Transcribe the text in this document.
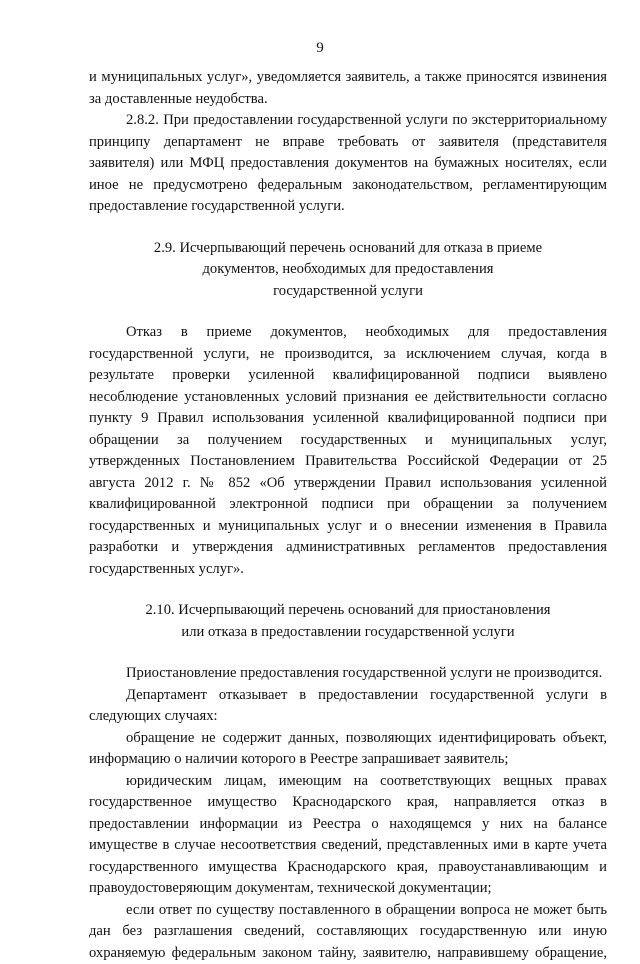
9

и муниципальных услуг», уведомляется заявитель, а также приносятся извинения за доставленные неудобства.

2.8.2. При предоставлении государственной услуги по экстерриториальному принципу департамент не вправе требовать от заявителя (представителя заявителя) или МФЦ предоставления документов на бумажных носителях, если иное не предусмотрено федеральным законодательством, регламентирующим предоставление государственной услуги.

2.9. Исчерпывающий перечень оснований для отказа в приеме
документов, необходимых для предоставления
государственной услуги

Отказ в приеме документов, необходимых для предоставления государственной услуги, не производится, за исключением случая, когда в результате проверки усиленной квалифицированной подписи выявлено несоблюдение установленных условий признания ее действительности согласно пункту 9 Правил использования усиленной квалифицированной подписи при обращении за получением государственных и муниципальных услуг, утвержденных Постановлением Правительства Российской Федерации от 25 августа 2012 г. № 852 «Об утверждении Правил использования усиленной квалифицированной электронной подписи при обращении за получением государственных и муниципальных услуг и о внесении изменения в Правила разработки и утверждения административных регламентов предоставления государственных услуг».

2.10. Исчерпывающий перечень оснований для приостановления
или отказа в предоставлении государственной услуги

Приостановление предоставления государственной услуги не производится.

Департамент отказывает в предоставлении государственной услуги в следующих случаях:

обращение не содержит данных, позволяющих идентифицировать объект, информацию о наличии которого в Реестре запрашивает заявитель;

юридическим лицам, имеющим на соответствующих вещных правах государственное имущество Краснодарского края, направляется отказ в предоставлении информации из Реестра о находящемся у них на балансе имуществе в случае несоответствия сведений, представленных ими в карте учета государственного имущества Краснодарского края, правоустанавливающим и правоудостоверяющим документам, технической документации;

если ответ по существу поставленного в обращении вопроса не может быть дан без разглашения сведений, составляющих государственную или иную охраняемую федеральным законом тайну, заявителю, направившему обращение,
